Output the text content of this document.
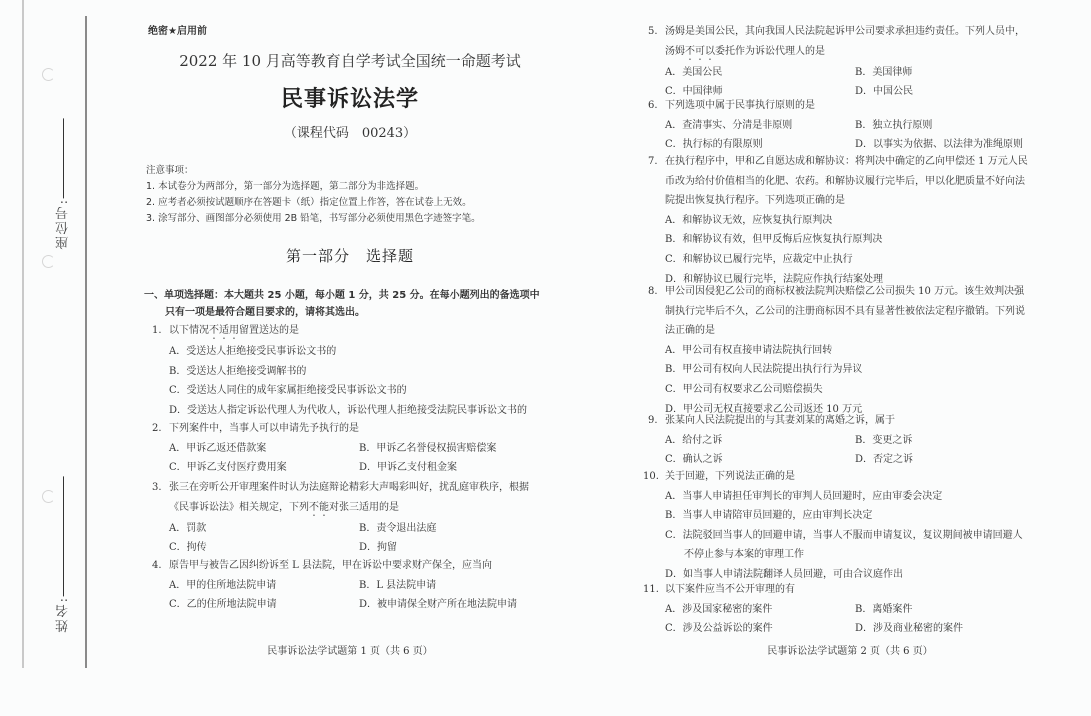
座位号:
姓名:
绝密★启用前
2022 年 10 月高等教育自学考试全国统一命题考试
民事诉讼法学
（课程代码　00243）
注意事项：
1. 本试卷分为两部分，第一部分为选择题，第二部分为非选择题。
2. 应考者必须按试题顺序在答题卡（纸）指定位置上作答，答在试卷上无效。
3. 涂写部分、画图部分必须使用 2B 铅笔，书写部分必须使用黑色字迹签字笔。
第一部分　选择题
一、单项选择题：本大题共 25 小题，每小题 1 分，共 25 分。在每小题列出的备选项中
只有一项是最符合题目要求的，请将其选出。
1. 以下情况不适用留置送达的是
A．受送达人拒绝接受民事诉讼文书的
B．受送达人拒绝接受调解书的
C．受送达人同住的成年家属拒绝接受民事诉讼文书的
D．受送达人指定诉讼代理人为代收人，诉讼代理人拒绝接受法院民事诉讼文书的
2. 下列案件中，当事人可以申请先予执行的是
A．甲诉乙返还借款案	B．甲诉乙名誉侵权损害赔偿案
C．甲诉乙支付医疗费用案	D．甲诉乙支付租金案
3. 张三在旁听公开审理案件时认为法庭辩论精彩大声喝彩叫好，扰乱庭审秩序，根据
《民事诉讼法》相关规定，下列不能对张三适用的是
A．罚款	B．责令退出法庭
C．拘传	D．拘留
4. 原告甲与被告乙因纠纷诉至 L 县法院，甲在诉讼中要求财产保全，应当向
A．甲的住所地法院申请	B．L 县法院申请
C．乙的住所地法院申请	D．被申请保全财产所在地法院申请
民事诉讼法学试题第 1 页（共 6 页）
5. 汤姆是美国公民，其向我国人民法院起诉甲公司要求承担违约责任。下列人员中，
汤姆不可以委托作为诉讼代理人的是
A．美国公民	B．美国律师
C．中国律师	D．中国公民
6. 下列选项中属于民事执行原则的是
A．查清事实、分清是非原则	B．独立执行原则
C．执行标的有限原则	D．以事实为依据、以法律为准绳原则
7. 在执行程序中，甲和乙自愿达成和解协议：将判决中确定的乙向甲偿还 1 万元人民
币改为给付价值相当的化肥、农药。和解协议履行完毕后，甲以化肥质量不好向法
院提出恢复执行程序。下列选项正确的是
A．和解协议无效，应恢复执行原判决
B．和解协议有效，但甲反悔后应恢复执行原判决
C．和解协议已履行完毕，应裁定中止执行
D．和解协议已履行完毕，法院应作执行结案处理
8. 甲公司因侵犯乙公司的商标权被法院判决赔偿乙公司损失 10 万元。该生效判决强
制执行完毕后不久，乙公司的注册商标因不具有显著性被依法定程序撤销。下列说
法正确的是
A．甲公司有权直接申请法院执行回转
B．甲公司有权向人民法院提出执行行为异议
C．甲公司有权要求乙公司赔偿损失
D．甲公司无权直接要求乙公司返还 10 万元
9. 张某向人民法院提出的与其妻刘某的离婚之诉，属于
A．给付之诉	B．变更之诉
C．确认之诉	D．否定之诉
10. 关于回避，下列说法正确的是
A．当事人申请担任审判长的审判人员回避时，应由审委会决定
B．当事人申请陪审员回避的，应由审判长决定
C．法院驳回当事人的回避申请，当事人不服而申请复议，复议期间被申请回避人
不停止参与本案的审理工作
D．如当事人申请法院翻译人员回避，可由合议庭作出
11. 以下案件应当不公开审理的有
A．涉及国家秘密的案件	B．离婚案件
C．涉及公益诉讼的案件	D．涉及商业秘密的案件
民事诉讼法学试题第 2 页（共 6 页）
